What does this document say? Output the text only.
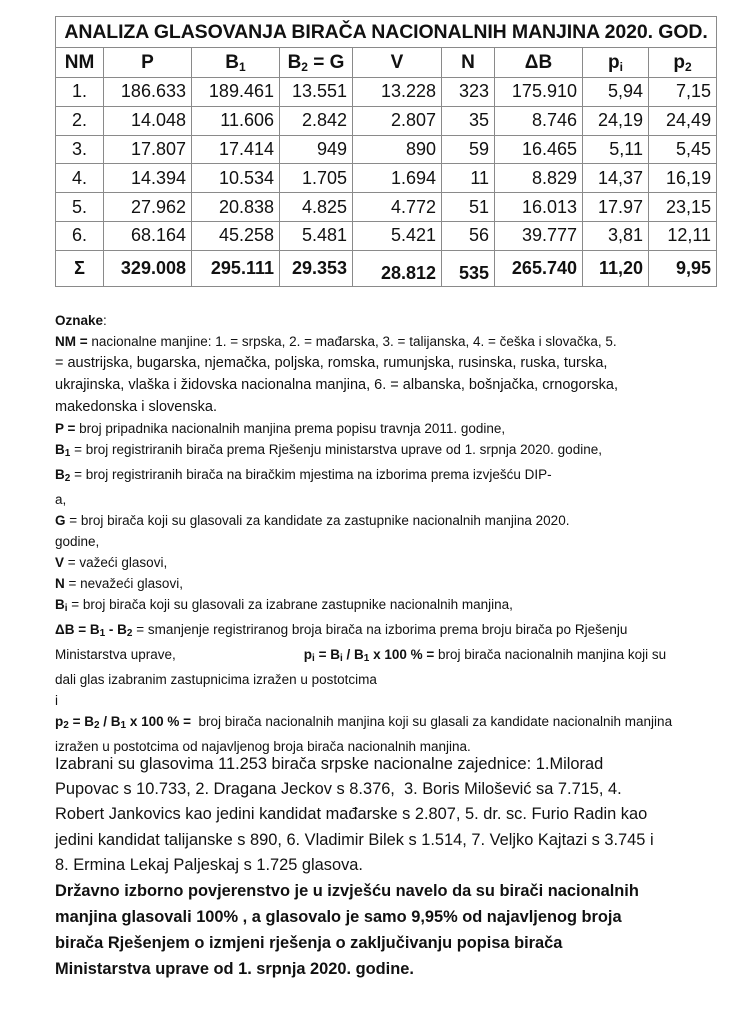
ANALIZA GLASOVANJA BIRAČA NACIONALNIH MANJINA 2020. GOD.								
NM	P	$B_1$	$B_2 = G$	V	N	ΔB	$p_i$	$p_2$
1.	186.633	189.461	13.551	13.228	323	175.910	5,94	7,15
2.	14.048	11.606	2.842	2.807	35	8.746	24,19	24,49
3.	17.807	17.414	949	890	59	16.465	5,11	5,45
4.	14.394	10.534	1.705	1.694	11	8.829	14,37	16,19
5.	27.962	20.838	4.825	4.772	51	16.013	17.97	23,15
6.	68.164	45.258	5.481	5.421	56	39.777	3,81	12,11
Σ	329.008	295.111	29.353	28.812	535	265.740	11,20	9,95
Oznake:
NM = nacionalne manjine: 1. = srpska, 2. = mađarska, 3. = talijanska, 4. = češka i slovačka, 5.
= austrijska, bugarska, njemačka, poljska, romska, rumunjska, rusinska, ruska, turska,
ukrajinska, vlaška i židovska nacionalna manjina, 6. = albanska, bošnjačka, crnogorska,
makedonska i slovenska.
P = broj pripadnika nacionalnih manjina prema popisu travnja 2011. godine,
$B_1$ = broj registriranih birača prema Rješenju ministarstva uprave od 1. srpnja 2020. godine,
$B_2$ = broj registriranih birača na biračkim mjestima na izborima prema izvješću DIP-
a,
G = broj birača koji su glasovali za kandidate za zastupnike nacionalnih manjina 2020.
godine,
V = važeći glasovi,
N = nevažeći glasovi,
$B_i$ = broj birača koji su glasovali za izabrane zastupnike nacionalnih manjina,
$\Delta B = B_1 - B_2$ = smanjenje registriranog broja birača na izborima prema broju birača po Rješenju
Ministarstva uprave,	$p_i = B_i / B_1$ x 100 % = broj birača nacionalnih manjina koji su
dali glas izabranim zastupnicima izražen u postotcima
i
$p_2 = B_2 / B_1$ x 100 % =  broj birača nacionalnih manjina koji su glasali za kandidate nacionalnih manjina
izražen u postotcima od najavljenog broja birača nacionalnih manjina.
Izabrani su glasovima 11.253 birača srpske nacionalne zajednice: 1.Milorad
Pupovac s 10.733, 2. Dragana Jeckov s 8.376,  3. Boris Milošević sa 7.715, 4.
Robert Jankovics kao jedini kandidat mađarske s 2.807, 5. dr. sc. Furio Radin kao
jedini kandidat talijanske s 890, 6. Vladimir Bilek s 1.514, 7. Veljko Kajtazi s 3.745 i
8. Ermina Lekaj Paljeskaj s 1.725 glasova.
Državno izborno povjerenstvo je u izvješću navelo da su birači nacionalnih
manjina glasovali 100% , a glasovalo je samo 9,95% od najavljenog broja
birača Rješenjem o izmjeni rješenja o zaključivanju popisa birača
Ministarstva uprave od 1. srpnja 2020. godine.
